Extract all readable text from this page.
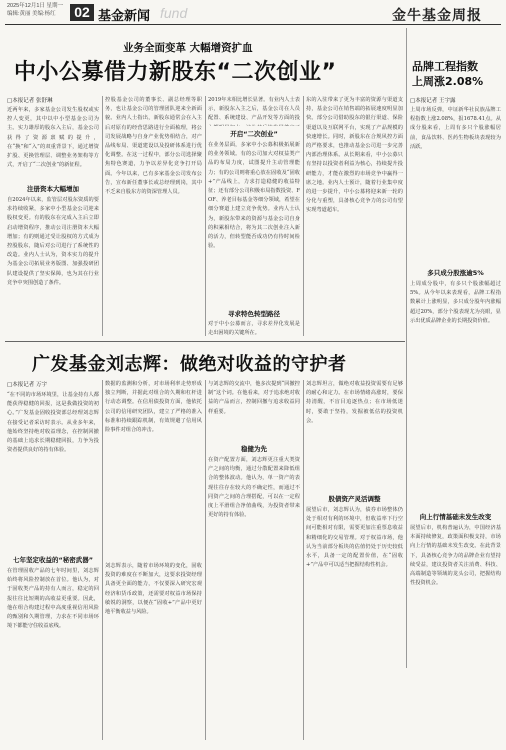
2025年12月1日 星期一
编辑:黄丽 美编:杨红	02 基金新闻 fund	金牛基金周报
业务全面变革 大幅增资扩血
中小公募借力新股东“二次创业”	品牌工程指数
上周涨2.08%
□本报记者 张舒琳
近两年来，多家基金公司发生股权或实控人变更，其中以中小型基金公司为主。实力雄厚的股东入主后，基金公司获得了资源禀赋的提升，在“换”和“入”的双重背景下，通过增资扩股、更换管理层、调整业务架构等方式，开启了“二次创业”的新征程。
注册资本大幅增加
自2024年以来，监管层对股东资质的要求持续收紧，多家中小型基金公司迎来股权变更。有的股东在完成入主后立即启动增资程序，推动公司注册资本大幅增加；有的则通过受让股权的方式成为控股股东，随后对公司进行了系统性的改造。业内人士认为，资本实力的提升为基金公司拓展业务版图、加强投研团队建设提供了坚实保障，也为其在行业竞争中突围创造了条件。
控股基金公司的董事长、副总经理等职务，也让基金公司的管理团队迎来全新面貌。业内人士指出，新股东通常会在入主后对原有的经营思路进行全面梳理，将公司发展战略与自身产业优势相结合，对产品线布局、渠道建设以及投研体系进行优化调整。在这一过程中，部分公司选择聚焦特色赛道，力争以差异化竞争打开局面。今年以来，已有多家基金公司发布公告，宣布新任董事长或总经理到岗，其中不乏来自股东方的资深管理人员。
2019年末相比增长显著。有业内人士表示，新股东入主之后，基金公司在人员配置、系统建设、产品开发等方面的投
开启“二次创业”
在业务层面，多家中小公募积极拓展新的业务领域。有的公司加大对权益类产品的布局力度，试图提升主动管理能力；有的公司则将重心放在固收及“固收+”产品线上，力求打造稳健的收益特征；还有部分公司积极布局指数投资、FOF、养老目标基金等细分领域，希望在细分赛道上建立竞争优势。业内人士认为，新股东带来的资源与基金公司自身的积累相结合，将为其二次创业注入新的活力，但转型能否成功仍有待时间检验。
寻求特色转型路径
对于中小公募而言，寻求差异化发展是走出困境的关键所在。
东的入驻带来了更为丰富的资源与渠道支持，基金公司在销售端的拓展速度明显加快。部分公司借助股东的银行渠道、保险渠道以及互联网平台，实现了产品规模的快速增长。同时，新股东在合规风控方面的严格要求，也推动基金公司进一步完善内部治理体系。从长期来看，中小公募只有坚持以投资者利益为核心，持续提升投研能力，才能在激烈的市场竞争中赢得一席之地。业内人士预计，随着行业集中度的进一步提升，中小公募将迎来新一轮的分化与重塑，具备核心竞争力的公司有望实现弯道超车。
□本报记者 王宇露
上周市场反弹，中证新华社民族品牌工程指数上涨2.08%，报1678.41点。从成分股来看，上周有多只个股涨幅居前，食品饮料、医药生物板块表现较为活跃。
多只成分股涨逾5%
上周成分股中，有多只个股涨幅超过5%。从今年以来表现看，品牌工程指数累计上涨明显，多只成分股年内涨幅超过20%，部分个股表现尤为亮眼，显示出优质品牌企业的长期投资价值。
向上行情基础未发生改变
展望后市，机构普遍认为，中国经济基本面持续修复，政策面积极支持，市场向上行情的基础未发生改变。在此背景下，具备核心竞争力的品牌企业有望持续受益，建议投资者关注消费、科技、高端制造等领域的龙头公司，把握结构性投资机会。
广发基金刘志辉：做绝对收益的守护者
□本报记者 万宇
“在不同的市场环境里，让基金持有人都能获得稳健的回报，这是我做投资的初心。”广发基金固收投资部总经理刘志辉在接受记者采访时表示。从业多年来，他始终坚持绝对收益理念，在控制回撤的基础上追求长期稳健回报，力争为投资者提供良好的持有体验。
七年坚定收益的“秘密武器”
在管理固收产品的七年时间里，刘志辉始终将风险控制放在首位。他认为，对于固收类产品的持有人而言，稳定的回报往往比短期的高收益更重要。因此，他在组合构建过程中高度重视信用风险的甄别和久期管理，力求在不同市场环境下都能守住收益底线。
数据的监测和分析，对市场利率走势形成独立判断，并据此对组合的久期和杠杆进行动态调整。在信用债投资方面，他依托公司的信用研究团队，建立了严格的准入标准和持续跟踪机制，有效规避了信用风险事件对组合的冲击。
刘志辉表示，随着市场环境的变化，固收投资的难度在不断加大，这要求投资经理具备更全面的能力，不仅要深入研究宏观经济和货币政策，还需要对权益市场保持敏锐的洞察，以便在“固收+”产品中更好地平衡收益与风险。
与刘志辉的交流中，他多次提到“回撤控制”这个词。在他看来，对于追求绝对收益的产品而言，控制回撤与追求收益同样重要。
稳健为先
在资产配置方面，刘志辉更注重大类资产之间的均衡，通过分散配置来降低组合的整体波动。他认为，单一资产的表现往往存在较大的不确定性，而通过不同资产之间的合理搭配，可以在一定程度上平滑组合净值曲线，为投资者带来更好的持有体验。
刘志辉坦言，做绝对收益投资需要有足够的耐心和定力。在市场情绪高涨时，要保持清醒，不盲目追逐热点；在市场低迷时，要敢于坚持，发掘被低估的投资机会。
股债资产灵活调整
展望后市，刘志辉认为，债券市场整体仍处于相对有利的环境中，但收益率下行空间可能相对有限，需要更加注重票息收益和精细化的交易管理。对于权益市场，他认为当前部分板块的估值仍处于历史较低水平，具备一定的配置价值，在“固收+”产品中可以适当把握结构性机会。
